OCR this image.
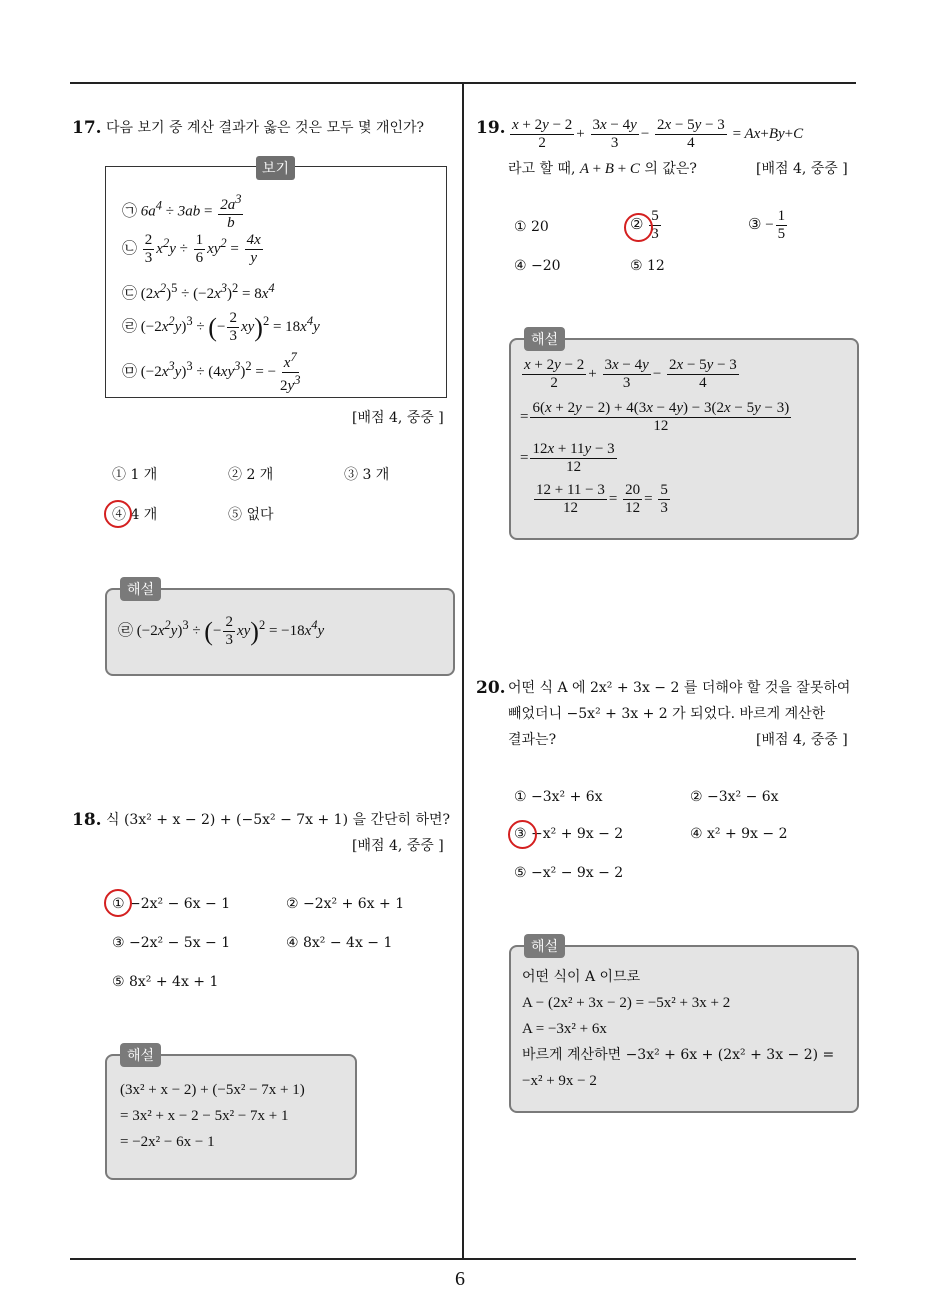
6
17. 다음 보기 중 계산 결과가 옳은 것은 모두 몇 개인가?
보기
㉠ $6a^4 \div 3ab = \frac{2a^3}{b}$
㉡ $\frac{2}{3} x^2y \div \frac{1}{6} xy^2 = \frac{4x}{y}$
㉢ $(2x^2)^5 \div (-2x^3)^2 = 8x^4$
㉣ $(-2x^2y)^3$ ÷ (− $\frac{2}{3} xy)^2 = 18x^4y$
㉤ $(-2x^3y)^3 \div (4xy^3)^2$ = − $\frac{x^7}{2y^3}$
[배점 4, 중중 ]
① 1 개	② 2 개	③ 3 개
④ 4 개	⑤ 없다
해설
㉣ $(-2x^2y)^3$ ÷ (− $\frac{2}{3} xy)^2 = -18x^4y$
18. 식 (3x² + x − 2) + (−5x² − 7x + 1) 을 간단히 하면?
[배점 4, 중중 ]
① −2x² − 6x − 1	② −2x² + 6x + 1
③ −2x² − 5x − 1	④ 8x² − 4x − 1
⑤ 8x² + 4x + 1
해설
(3x² + x − 2) + (−5x² − 7x + 1)
= 3x² + x − 2 − 5x² − 7x + 1
= −2x² − 6x − 1
19. $\frac{x + 2y - 2}{2} + \frac{3x - 4y}{3} - \frac{2x - 5y - 3}{4} = Ax+By+C$
라고 할 때, A + B + C 의 값은?	[배점 4, 중중 ]
① 20	② $\frac{5}{3}$	③ − $\frac{1}{5}$
④ −20	⑤ 12
해설
$\frac{x + 2y - 2}{2} + \frac{3x - 4y}{3} - \frac{2x - 5y - 3}{4}$
= $\frac{6(x + 2y - 2) + 4(3x - 4y) - 3(2x - 5y - 3)}{12}$
= $\frac{12x + 11y - 3}{12}$
$\frac{12 + 11 - 3}{12} = \frac{20}{12} = \frac{5}{3}$
20. 어떤 식 A 에 2x² + 3x − 2 를 더해야 할 것을 잘못하여
빼었더니 −5x² + 3x + 2 가 되었다. 바르게 계산한
결과는?	[배점 4, 중중 ]
① −3x² + 6x	② −3x² − 6x
③ −x² + 9x − 2	④ x² + 9x − 2
⑤ −x² − 9x − 2
해설
어떤 식이 A 이므로
A − (2x² + 3x − 2) = −5x² + 3x + 2
A = −3x² + 6x
바르게 계산하면 −3x² + 6x + (2x² + 3x − 2) =
−x² + 9x − 2
